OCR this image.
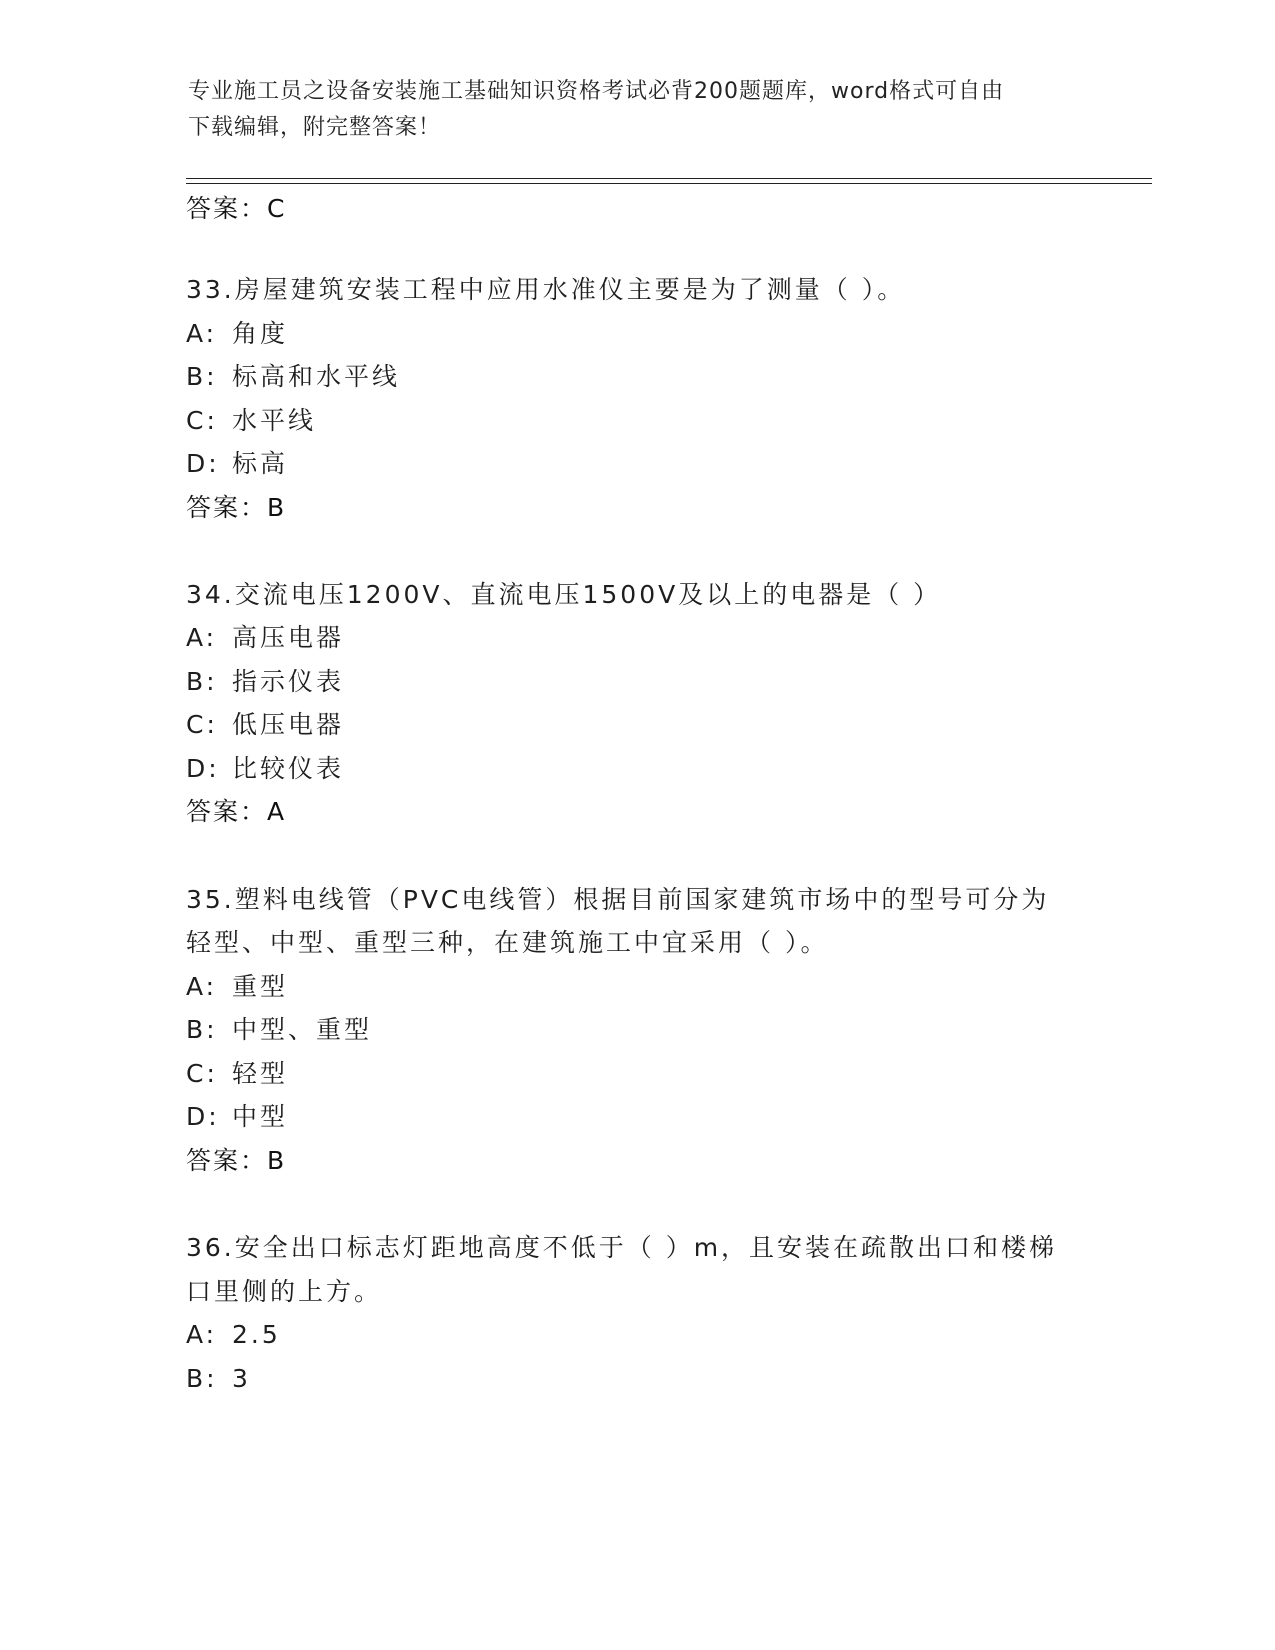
专业施工员之设备安装施工基础知识资格考试必背200题题库，word格式可自由
下载编辑，附完整答案！
答案：C
33.房屋建筑安装工程中应用水准仪主要是为了测量（ ）。
A: 角度
B: 标高和水平线
C: 水平线
D: 标高
答案：B
34.交流电压1200V、直流电压1500V及以上的电器是（ ）
A: 高压电器
B: 指示仪表
C: 低压电器
D: 比较仪表
答案：A
35.塑料电线管（PVC电线管）根据目前国家建筑市场中的型号可分为
轻型、中型、重型三种，在建筑施工中宜采用（ ）。
A: 重型
B: 中型、重型
C: 轻型
D: 中型
答案：B
36.安全出口标志灯距地高度不低于（ ）m，且安装在疏散出口和楼梯
口里侧的上方。
A: 2.5
B: 3
